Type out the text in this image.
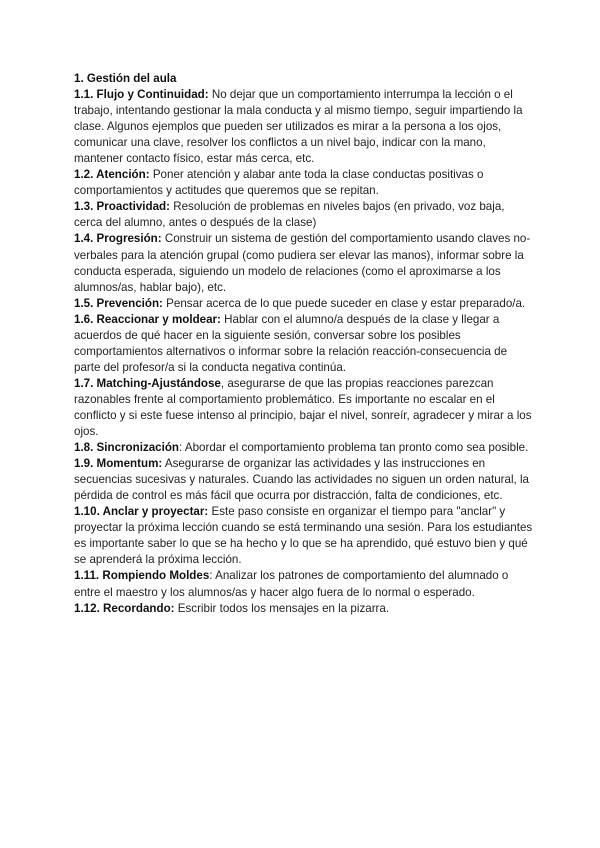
1. Gestión del aula

1.1. Flujo y Continuidad: No dejar que un comportamiento interrumpa la lección o el trabajo, intentando gestionar la mala conducta y al mismo tiempo, seguir impartiendo la clase. Algunos ejemplos que pueden ser utilizados es mirar a la persona a los ojos, comunicar una clave, resolver los conflictos a un nivel bajo, indicar con la mano, mantener contacto físico, estar más cerca, etc.

1.2. Atención: Poner atención y alabar ante toda la clase conductas positivas o comportamientos y actitudes que queremos que se repitan.

1.3. Proactividad: Resolución de problemas en niveles bajos (en privado, voz baja, cerca del alumno, antes o después de la clase)

1.4. Progresión: Construir un sistema de gestión del comportamiento usando claves no-verbales para la atención grupal (como pudiera ser elevar las manos), informar sobre la conducta esperada, siguiendo un modelo de relaciones (como el aproximarse a los alumnos/as, hablar bajo), etc.

1.5. Prevención: Pensar acerca de lo que puede suceder en clase y estar preparado/a.

1.6. Reaccionar y moldear: Hablar con el alumno/a después de la clase y llegar a acuerdos de qué hacer en la siguiente sesión, conversar sobre los posibles comportamientos alternativos o informar sobre la relación reacción-consecuencia de parte del profesor/a si la conducta negativa continúa.

1.7. Matching-Ajustándose, asegurarse de que las propias reacciones parezcan razonables frente al comportamiento problemático. Es importante no escalar en el conflicto y si este fuese intenso al principio, bajar el nivel, sonreír, agradecer y mirar a los ojos.

1.8. Sincronización: Abordar el comportamiento problema tan pronto como sea posible.

1.9. Momentum: Asegurarse de organizar las actividades y las instrucciones en secuencias sucesivas y naturales. Cuando las actividades no siguen un orden natural, la pérdida de control es más fácil que ocurra por distracción, falta de condiciones, etc.

1.10. Anclar y proyectar: Este paso consiste en organizar el tiempo para "anclar" y proyectar la próxima lección cuando se está terminando una sesión. Para los estudiantes es importante saber lo que se ha hecho y lo que se ha aprendido, qué estuvo bien y qué se aprenderá la próxima lección.

1.11. Rompiendo Moldes: Analizar los patrones de comportamiento del alumnado o entre el maestro y los alumnos/as y hacer algo fuera de lo normal o esperado.

1.12. Recordando: Escribir todos los mensajes en la pizarra.
